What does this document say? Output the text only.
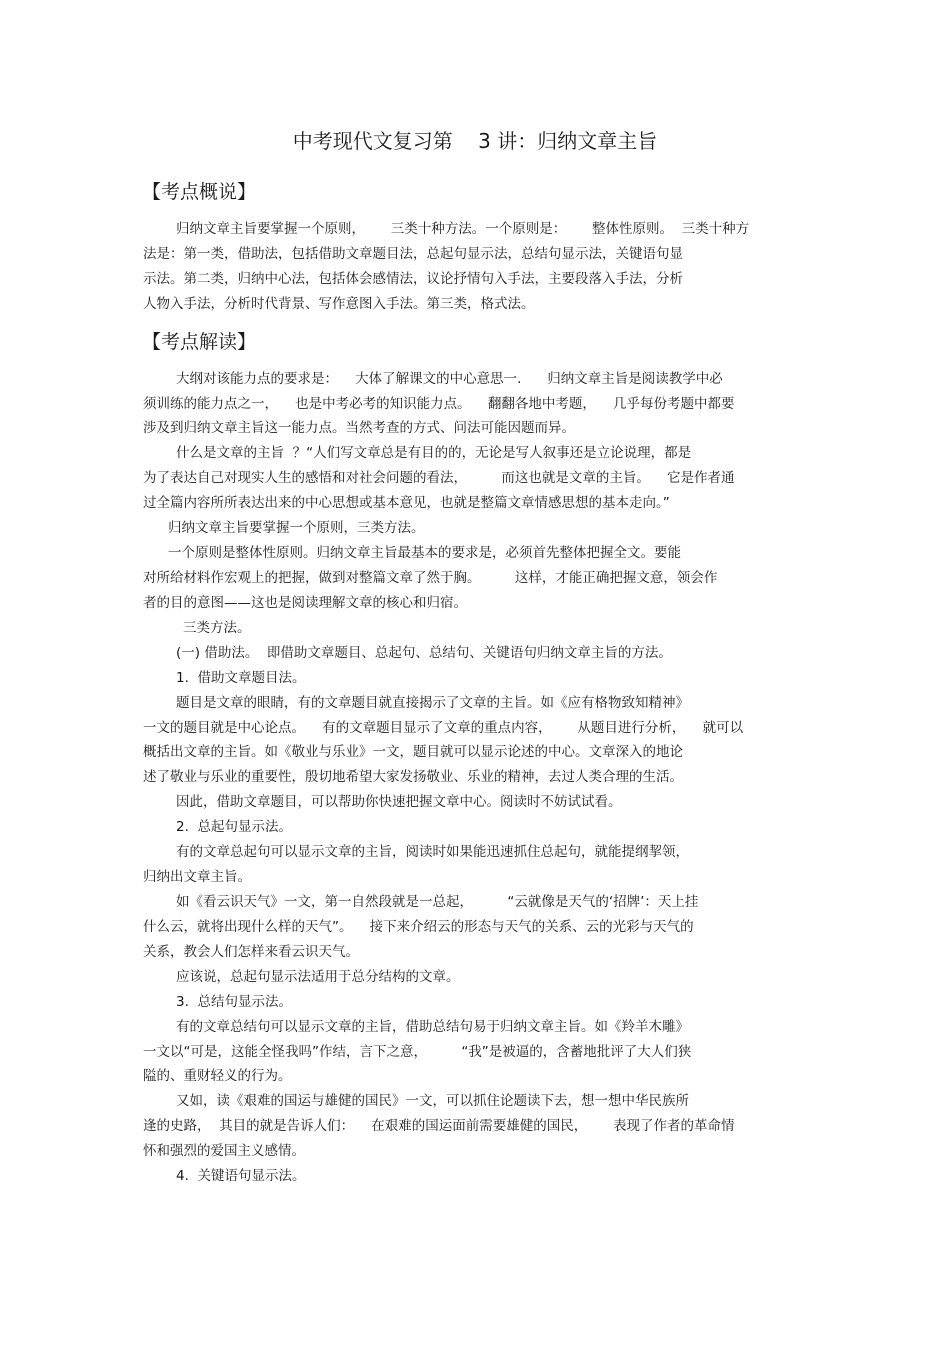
中考现代文复习第    3 讲：归纳文章主旨
【考点概说】
归纳文章主旨要掌握一个原则，      三类十种方法。一个原则是：      整体性原则。  三类十种方
法是：第一类，借助法，包括借助文章题目法，总起句显示法，总结句显示法，关键语句显
示法。第二类，归纳中心法，包括体会感情法，议论抒情句入手法，主要段落入手法，分析
人物入手法，分析时代背景、写作意图入手法。第三类，格式法。
【考点解读】
大纲对该能力点的要求是：    大体了解课文的中心意思一.      归纳文章主旨是阅读教学中必
须训练的能力点之一，    也是中考必考的知识能力点。    翻翻各地中考题，    几乎每份考题中都要
涉及到归纳文章主旨这一能力点。当然考查的方式、问法可能因题而异。
什么是文章的主旨  ？“人们写文章总是有目的的，无论是写人叙事还是立论说理，都是
为了表达自己对现实人生的感悟和对社会问题的看法，        而这也就是文章的主旨。    它是作者通
过全篇内容所所表达出来的中心思想或基本意见，也就是整篇文章情感思想的基本走向。”
归纳文章主旨要掌握一个原则，三类方法。
一个原则是整体性原则。归纳文章主旨最基本的要求是，必须首先整体把握全文。要能
对所给材料作宏观上的把握，做到对整篇文章了然于胸。        这样，才能正确把握文意，领会作
者的目的意图——这也是阅读理解文章的核心和归宿。
三类方法。
(一) 借助法。  即借助文章题目、总起句、总结句、关键语句归纳文章主旨的方法。
1.  借助文章题目法。
题目是文章的眼睛，有的文章题目就直接揭示了文章的主旨。如《应有格物致知精神》
一文的题目就是中心论点。    有的文章题目显示了文章的重点内容，      从题目进行分析，    就可以
概括出文章的主旨。如《敬业与乐业》一文，题目就可以显示论述的中心。文章深入的地论
述了敬业与乐业的重要性，殷切地希望大家发扬敬业、乐业的精神，去过人类合理的生活。
因此，借助文章题目，可以帮助你快速把握文章中心。阅读时不妨试试看。
2.  总起句显示法。
有的文章总起句可以显示文章的主旨，阅读时如果能迅速抓住总起句，就能提纲挈领，
归纳出文章主旨。
如《看云识天气》一文，第一自然段就是一总起，        “云就像是天气的‘招牌’：天上挂
什么云，就将出现什么样的天气”。    接下来介绍云的形态与天气的关系、云的光彩与天气的
关系，教会人们怎样来看云识天气。
应该说，总起句显示法适用于总分结构的文章。
3.  总结句显示法。
有的文章总结句可以显示文章的主旨，借助总结句易于归纳文章主旨。如《羚羊木雕》
一文以“可是，这能全怪我吗”作结，言下之意，        “我”是被逼的，含蓄地批评了大人们狭
隘的、重财轻义的行为。
又如，读《艰难的国运与雄健的国民》一文，可以抓住论题读下去，想一想中华民族所
逢的史路，  其目的就是告诉人们：    在艰难的国运面前需要雄健的国民，      表现了作者的革命情
怀和强烈的爱国主义感情。
4.  关键语句显示法。
